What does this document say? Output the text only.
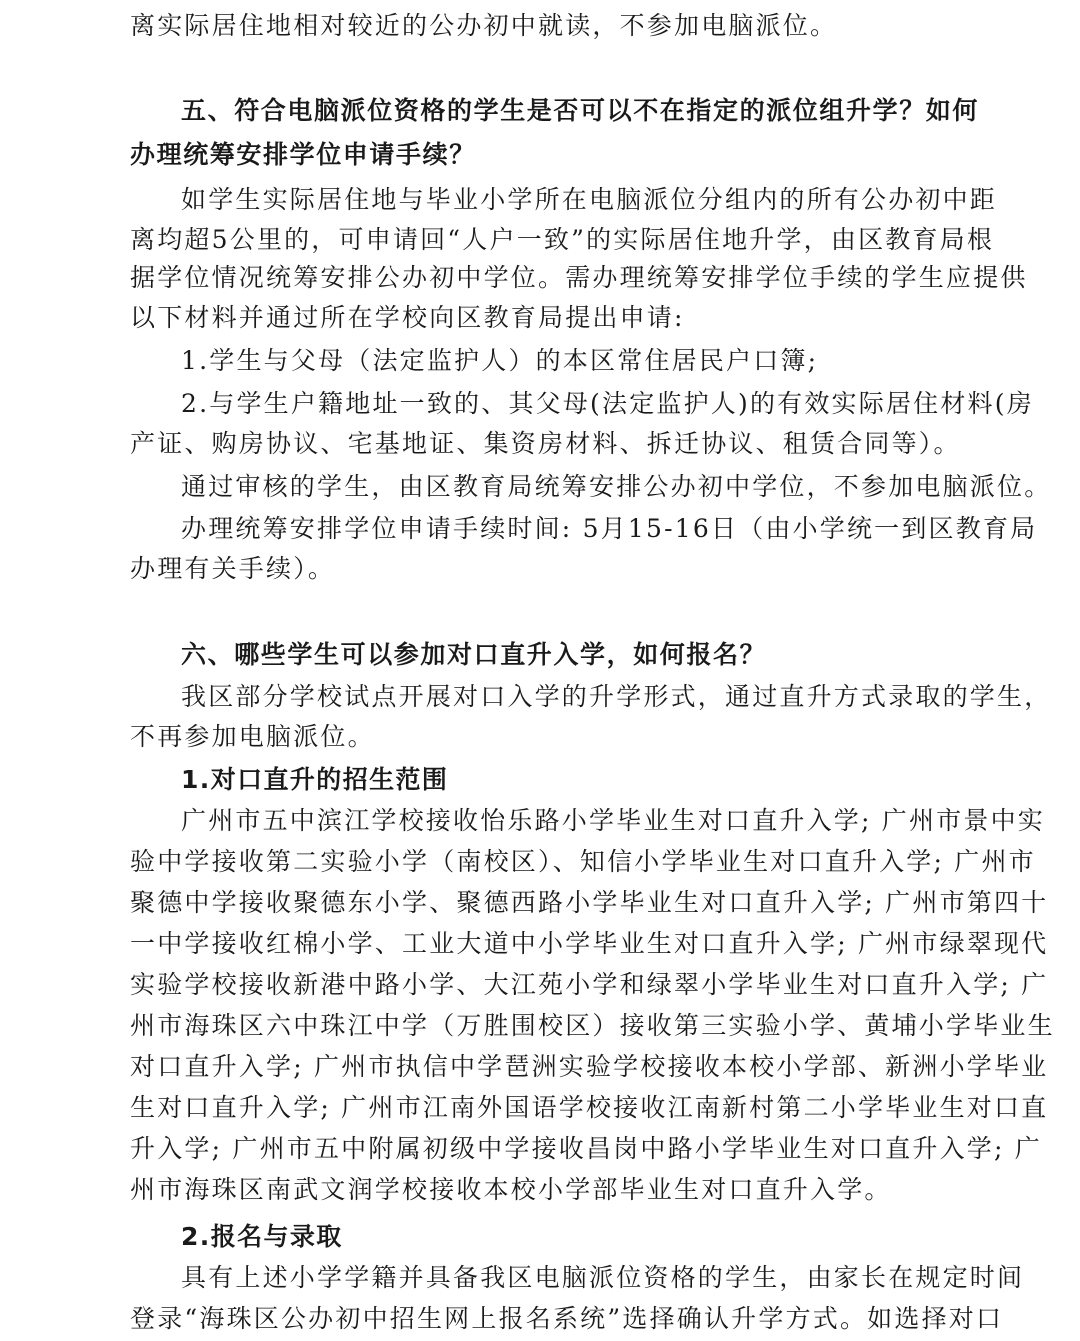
离实际居住地相对较近的公办初中就读，不参加电脑派位。
五、符合电脑派位资格的学生是否可以不在指定的派位组升学？如何
办理统筹安排学位申请手续？
如学生实际居住地与毕业小学所在电脑派位分组内的所有公办初中距
离均超5公里的，可申请回“人户一致”的实际居住地升学，由区教育局根
据学位情况统筹安排公办初中学位。需办理统筹安排学位手续的学生应提供
以下材料并通过所在学校向区教育局提出申请:
1.学生与父母（法定监护人）的本区常住居民户口簿;
2.与学生户籍地址一致的、其父母(法定监护人)的有效实际居住材料(房
产证、购房协议、宅基地证、集资房材料、拆迁协议、租赁合同等）。
通过审核的学生，由区教育局统筹安排公办初中学位，不参加电脑派位。
办理统筹安排学位申请手续时间: 5月15-16日（由小学统一到区教育局
办理有关手续）。
六、哪些学生可以参加对口直升入学，如何报名？
我区部分学校试点开展对口入学的升学形式，通过直升方式录取的学生，
不再参加电脑派位。
1.对口直升的招生范围
广州市五中滨江学校接收怡乐路小学毕业生对口直升入学; 广州市景中实
验中学接收第二实验小学（南校区）、知信小学毕业生对口直升入学; 广州市
聚德中学接收聚德东小学、聚德西路小学毕业生对口直升入学; 广州市第四十
一中学接收红棉小学、工业大道中小学毕业生对口直升入学; 广州市绿翠现代
实验学校接收新港中路小学、大江苑小学和绿翠小学毕业生对口直升入学; 广
州市海珠区六中珠江中学（万胜围校区）接收第三实验小学、黄埔小学毕业生
对口直升入学; 广州市执信中学琶洲实验学校接收本校小学部、新洲小学毕业
生对口直升入学; 广州市江南外国语学校接收江南新村第二小学毕业生对口直
升入学; 广州市五中附属初级中学接收昌岗中路小学毕业生对口直升入学; 广
州市海珠区南武文润学校接收本校小学部毕业生对口直升入学。
2.报名与录取
具有上述小学学籍并具备我区电脑派位资格的学生，由家长在规定时间
登录“海珠区公办初中招生网上报名系统”选择确认升学方式。如选择对口
